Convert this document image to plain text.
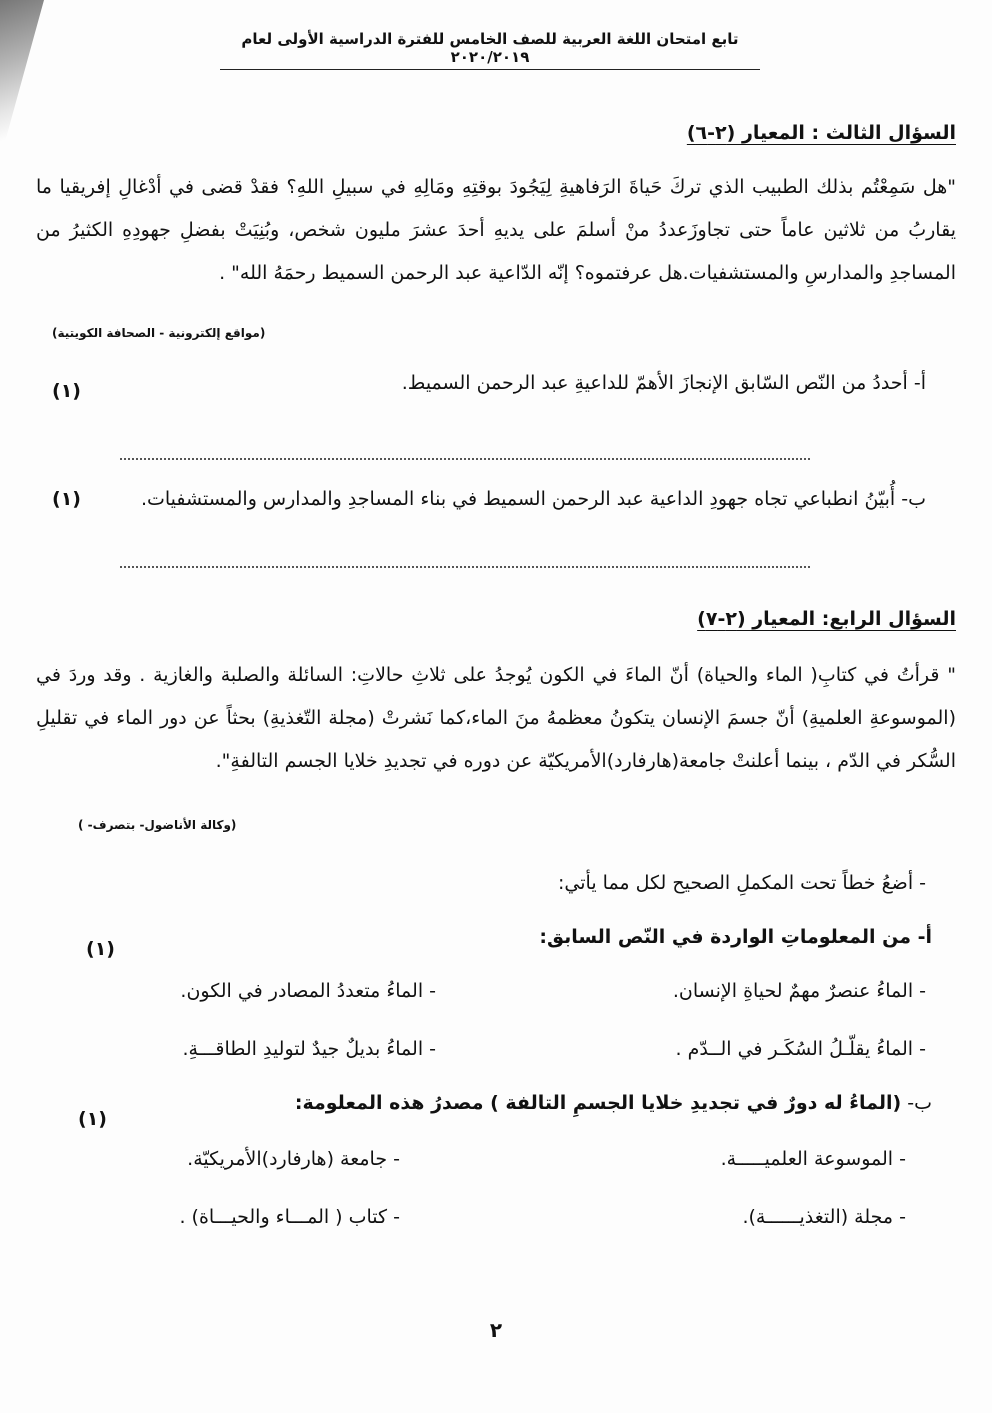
تابع امتحان اللغة العربية للصف الخامس للفترة الدراسية الأولى لعام ٢٠٢٠/٢٠١٩
السؤال الثالث : المعيار (٢-٦)
"هل سَمِعْتُم بذلك الطبيب الذي تركَ حَياةَ الرَفاهيةِ لِيَجُودَ بوقتِهِ ومَالِهِ في سبيلِ اللهِ؟ فقدْ قضى في أدْغالِ إفريقيا ما يقاربُ من ثلاثين عاماً حتى تجاوزَعددُ منْ أسلمَ على يديهِ أحدَ عشرَ مليون شخص، وبُنِيَتْ بفضلِ جهودِهِ الكثيرُ من المساجدِ والمدارسِ والمستشفيات.هل عرفتموه؟ إنّه الدّاعية عبد الرحمن السميط رحمَهُ الله" .
(مواقع إلكترونية - الصحافة الكويتية)
أ- أحددُ من النّص السّابق الإنجازَ الأهمّ للداعيةِ عبد الرحمن السميط.
(١)
ب- أُبيّنُ انطباعي تجاه جهودِ الداعية عبد الرحمن السميط في بناء المساجدِ والمدارس والمستشفيات.
(١)
السؤال الرابع: المعيار (٢-٧)
" قرأتُ في كتابِ( الماء والحياة) أنّ الماءَ في الكون يُوجدُ على ثلاثِ حالاتِ: السائلة والصلبة والغازية . وقد وردَ في (الموسوعةِ العلميةِ) أنّ جسمَ الإنسان يتكونُ معظمهُ منَ الماء،كما نَشرتْ (مجلة التّغذيةِ) بحثاً عن دور الماء في تقليلِ السُّكر في الدّم ، بينما أعلنتْ جامعة(هارفارد)الأمريكيّة عن دوره في تجديدِ خلايا الجسم التالفةِ".
(وكالة الأناضول- بتصرف- )
- أضعُ خطاً تحت المكملِ الصحيح لكل مما يأتي:
أ- من المعلوماتِ الواردة في النّص السابق:
(١)
- الماءُ عنصرٌ مهمٌ لحياةِ الإنسان.
- الماءُ متعددُ المصادر في الكون.
- الماءُ يقلّـلُ السُكَـر في الــدّم .
- الماءُ بديلٌ جيدٌ لتوليدِ الطاقـــةِ.
ب- (الماءُ له دورٌ في تجديدِ خلايا الجسمِ التالفة ) مصدرُ هذه المعلومة:
(١)
- الموسوعة العلميـــــة.
- جامعة (هارفارد)الأمريكيّة.
- مجلة (التغذيــــــة).
- كتاب ( المـــاء والحيـــاة) .
٢
